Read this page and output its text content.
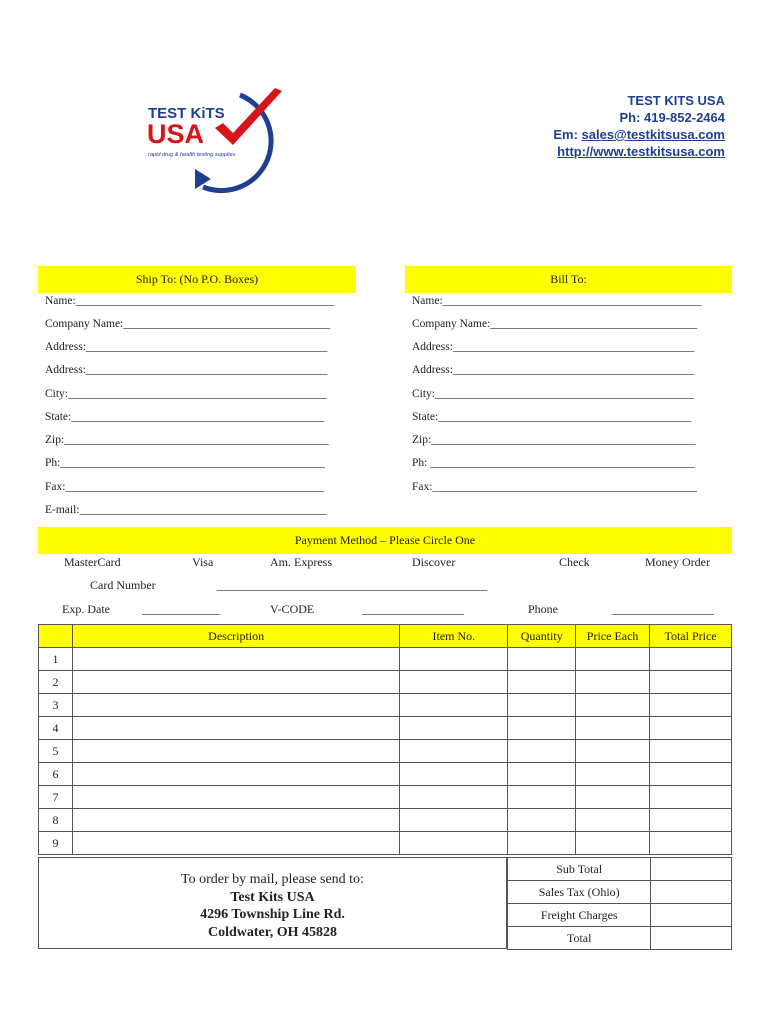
TEST KiTS
USA
rapid drug & health testing supplies
TEST KITS USA
Ph: 419-852-2464
Em: sales@testkitsusa.com
http://www.testkitsusa.com
Ship To: (No P.O. Boxes)	Bill To:
Name:_____________________________________________
Company Name:____________________________________
Address:__________________________________________
Address:__________________________________________
City:_____________________________________________
State:____________________________________________
Zip:______________________________________________
Ph:______________________________________________
Fax:_____________________________________________
E-mail:___________________________________________
Name:_____________________________________________
Company Name:____________________________________
Address:__________________________________________
Address:__________________________________________
City:_____________________________________________
State:____________________________________________
Zip:______________________________________________
Ph: ______________________________________________
Fax:______________________________________________
Payment Method – Please Circle One
MasterCard	Visa	Am. Express	Discover	Check	Money Order
Card Number	_____________________________________________
Exp. Date	_____________	V-CODE	_________________	Phone	_________________
	Description	Item No.	Quantity	Price Each	Total Price
1					
2					
3					
4					
5					
6					
7					
8					
9					
To order by mail, please send to:
Test Kits USA
4296 Township Line Rd.
Coldwater, OH 45828
Sub Total	
Sales Tax (Ohio)	
Freight Charges	
Total	
